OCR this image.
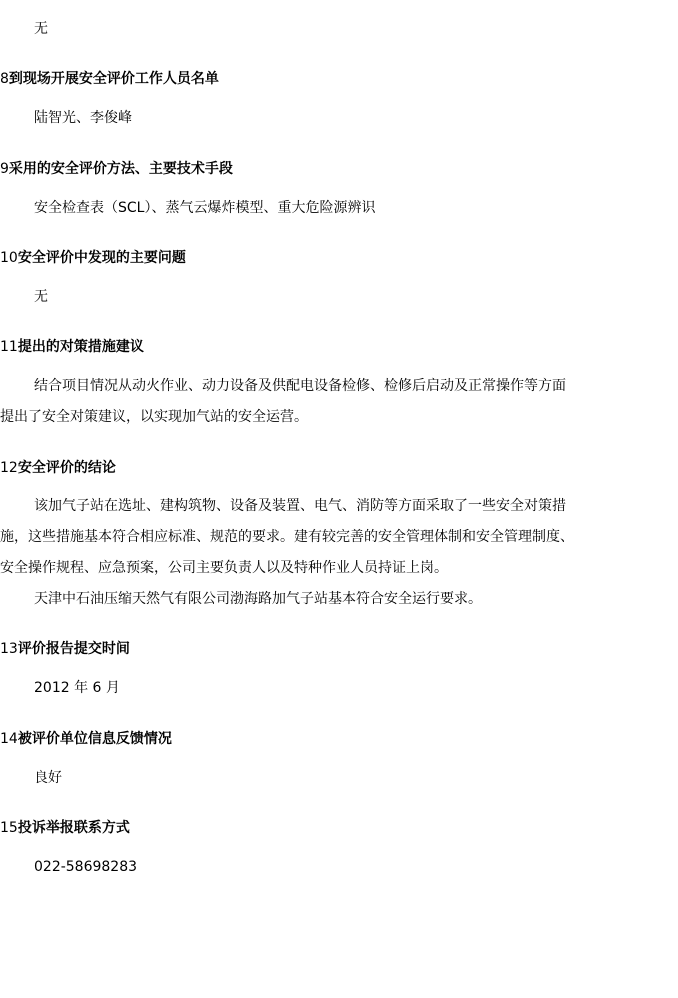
无
8到现场开展安全评价工作人员名单
陆智光、李俊峰
9采用的安全评价方法、主要技术手段
安全检查表（SCL）、蒸气云爆炸模型、重大危险源辨识
10安全评价中发现的主要问题
无
11提出的对策措施建议
结合项目情况从动火作业、动力设备及供配电设备检修、检修后启动及正常操作等方面
提出了安全对策建议，以实现加气站的安全运营。
12安全评价的结论
该加气子站在选址、建构筑物、设备及装置、电气、消防等方面采取了一些安全对策措
施，这些措施基本符合相应标准、规范的要求。建有较完善的安全管理体制和安全管理制度、
安全操作规程、应急预案，公司主要负责人以及特种作业人员持证上岗。
天津中石油压缩天然气有限公司渤海路加气子站基本符合安全运行要求。
13评价报告提交时间
2012 年 6 月
14被评价单位信息反馈情况
良好
15投诉举报联系方式
022-58698283
